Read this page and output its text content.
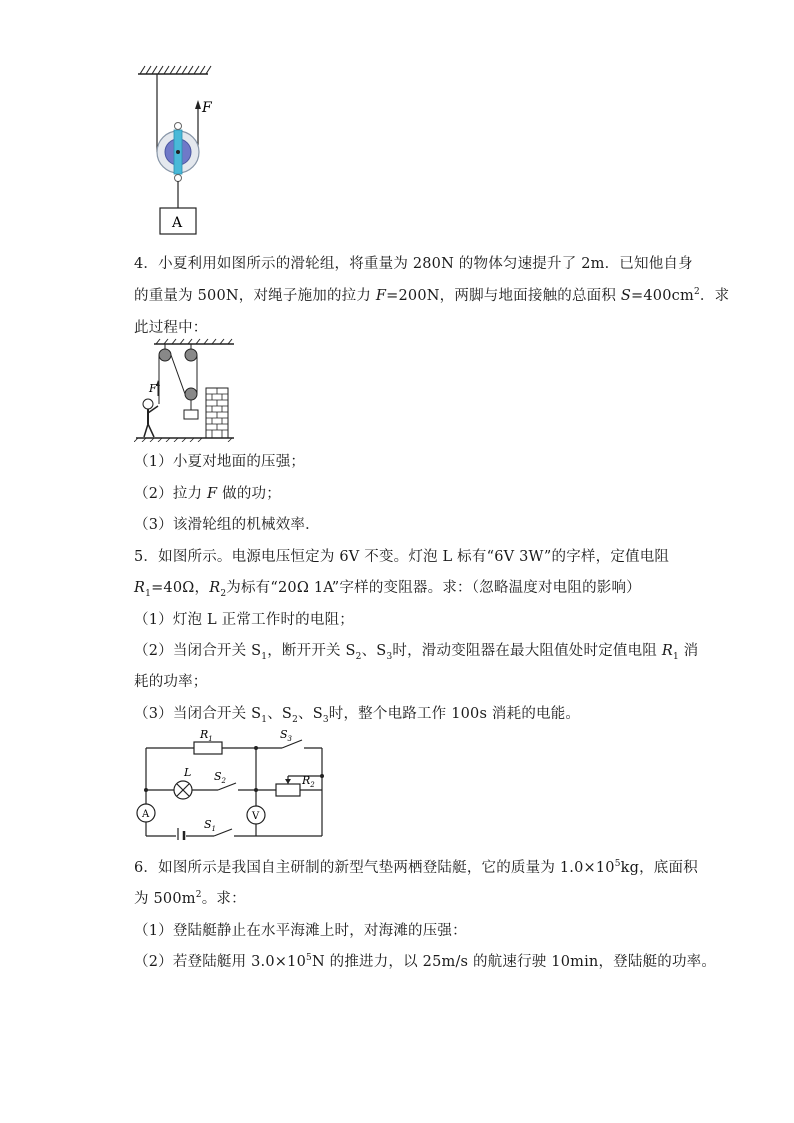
F
A
4．小夏利用如图所示的滑轮组，将重量为 280N 的物体匀速提升了 2m．已知他自身
的重量为 500N，对绳子施加的拉力 F=200N，两脚与地面接触的总面积 $S=400cm^2$．求
此过程中：
F
（1）小夏对地面的压强；
（2）拉力 F 做的功；
（3）该滑轮组的机械效率．
5．如图所示。电源电压恒定为 6V 不变。灯泡 L 标有“6V 3W”的字样，定值电阻
$R_1=40\Omega$，$R_2$为标有“20Ω 1A”字样的变阻器。求：（忽略温度对电阻的影响）
（1）灯泡 L 正常工作时的电阻；
（2）当闭合开关 $S_1$，断开开关 $S_2$、$S_3$时，滑动变阻器在最大阻值处时定值电阻 $R_1$ 消
耗的功率；
（3）当闭合开关 $S_1$、$S_2$、$S_3$时，整个电路工作 100s 消耗的电能。
A	V
$R_1$
$R_2$
L $S_2$
$S_3$
$S_1$
6．如图所示是我国自主研制的新型气垫两栖登陆艇，它的质量为 $1.0\times 10^5kg$，底面积
为 $500m^2$。求：
（1）登陆艇静止在水平海滩上时，对海滩的压强：
（2）若登陆艇用 $3.0\times 10^5N$ 的推进力，以 25m/s 的航速行驶 10min，登陆艇的功率。
